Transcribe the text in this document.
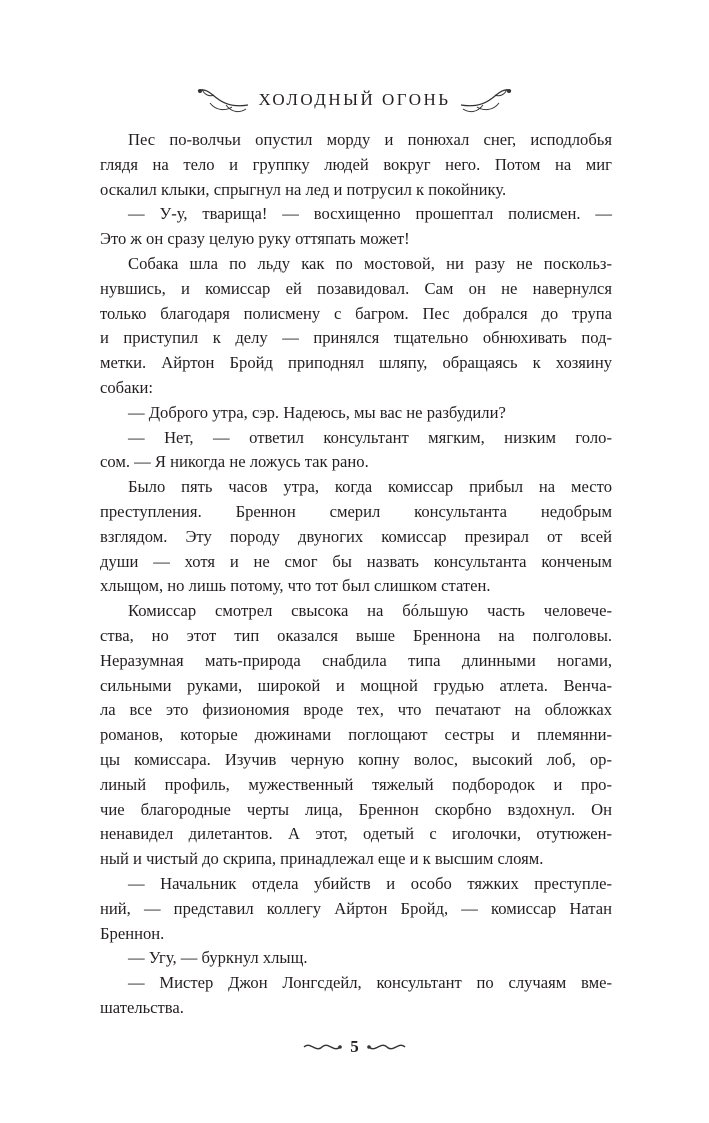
ХОЛОДНЫЙ ОГОНЬ
Пес по-волчьи опустил морду и понюхал снег, исподлобья
глядя на тело и группку людей вокруг него. Потом на миг
оскалил клыки, спрыгнул на лед и потрусил к покойнику.
— У-у, тварища! — восхищенно прошептал полисмен. —
Это ж он сразу целую руку оттяпать может!
Собака шла по льду как по мостовой, ни разу не поскольз-
нувшись, и комиссар ей позавидовал. Сам он не навернулся
только благодаря полисмену с багром. Пес добрался до трупа
и приступил к делу — принялся тщательно обнюхивать под-
метки. Айртон Бройд приподнял шляпу, обращаясь к хозяину
собаки:
— Доброго утра, сэр. Надеюсь, мы вас не разбудили?
— Нет, — ответил консультант мягким, низким голо-
сом. — Я никогда не ложусь так рано.
Было пять часов утра, когда комиссар прибыл на место
преступления. Бреннон смерил консультанта недобрым
взглядом. Эту породу двуногих комиссар презирал от всей
души — хотя и не смог бы назвать консультанта конченым
хлыщом, но лишь потому, что тот был слишком статен.
Комиссар смотрел свысока на бóльшую часть человече-
ства, но этот тип оказался выше Бреннона на полголовы.
Неразумная мать-природа снабдила типа длинными ногами,
сильными руками, широкой и мощной грудью атлета. Венча-
ла все это физиономия вроде тех, что печатают на обложках
романов, которые дюжинами поглощают сестры и племянни-
цы комиссара. Изучив черную копну волос, высокий лоб, ор-
линый профиль, мужественный тяжелый подбородок и про-
чие благородные черты лица, Бреннон скорбно вздохнул. Он
ненавидел дилетантов. А этот, одетый с иголочки, отутюжен-
ный и чистый до скрипа, принадлежал еще и к высшим слоям.
— Начальник отдела убийств и особо тяжких преступле-
ний, — представил коллегу Айртон Бройд, — комиссар Натан
Бреннон.
— Угу, — буркнул хлыщ.
— Мистер Джон Лонгсдейл, консультант по случаям вме-
шательства.
5
